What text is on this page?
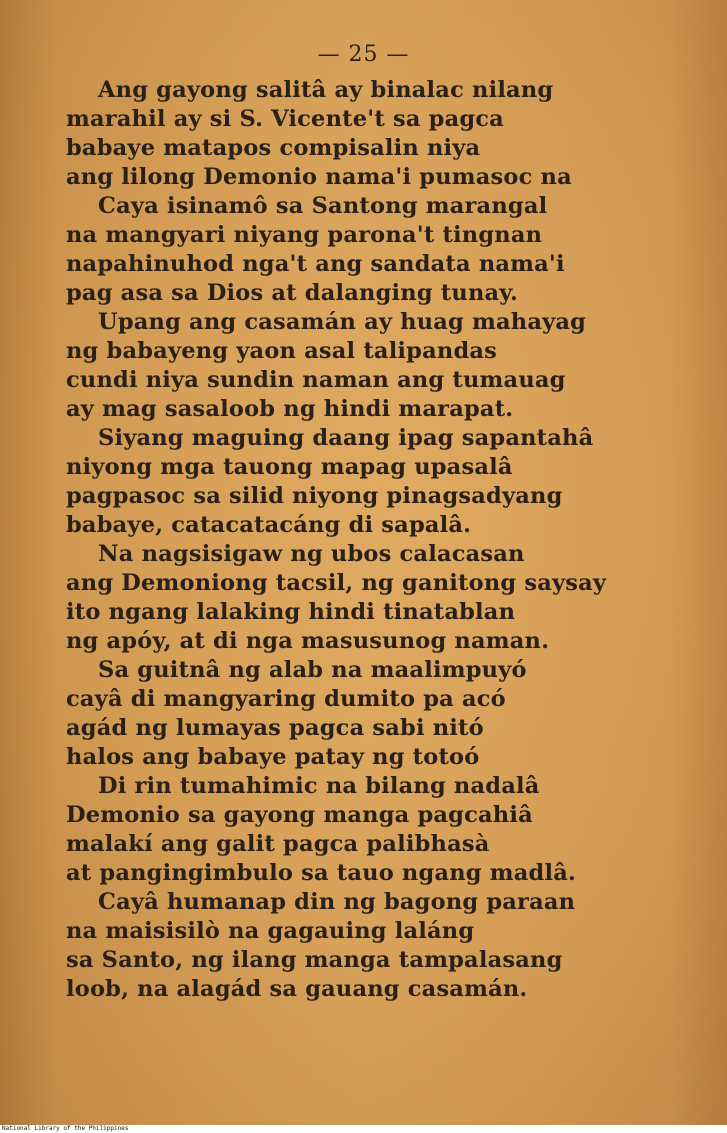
— 25 —
Ang gayong salitâ ay binalac nilang
marahil ay si S. Vicente't sa pagca
babaye matapos compisalin niya
ang lilong Demonio nama'i pumasoc na
Caya isinamô sa Santong marangal
na mangyari niyang parona't tingnan
napahinuhod nga't ang sandata nama'i
pag asa sa Dios at dalanging tunay.
Upang ang casamán ay huag mahayag
ng babayeng yaon asal talipandas
cundi niya sundin naman ang tumauag
ay mag sasaloob ng hindi marapat.
Siyang maguing daang ipag sapantahâ
niyong mga tauong mapag upasalâ
pagpasoc sa silid niyong pinagsadyang
babaye, catacatacáng di sapalâ.
Na nagsisigaw ng ubos calacasan
ang Demoniong tacsil, ng ganitong saysay
ito ngang lalaking hindi tinatablan
ng apóy, at di nga masusunog naman.
Sa guitnâ ng alab na maalimpuyó
cayâ di mangyaring dumito pa acó
agád ng lumayas pagca sabi nitó
halos ang babaye patay ng totoó
Di rin tumahimic na bilang nadalâ
Demonio sa gayong manga pagcahiâ
malakí ang galit pagca palibhasà
at pangingimbulo sa tauo ngang madlâ.
Cayâ humanap din ng bagong paraan
na maisisilò na gagauing laláng
sa Santo, ng ilang manga tampalasang
loob, na alagád sa gauang casamán.
National Library of the Philippines
